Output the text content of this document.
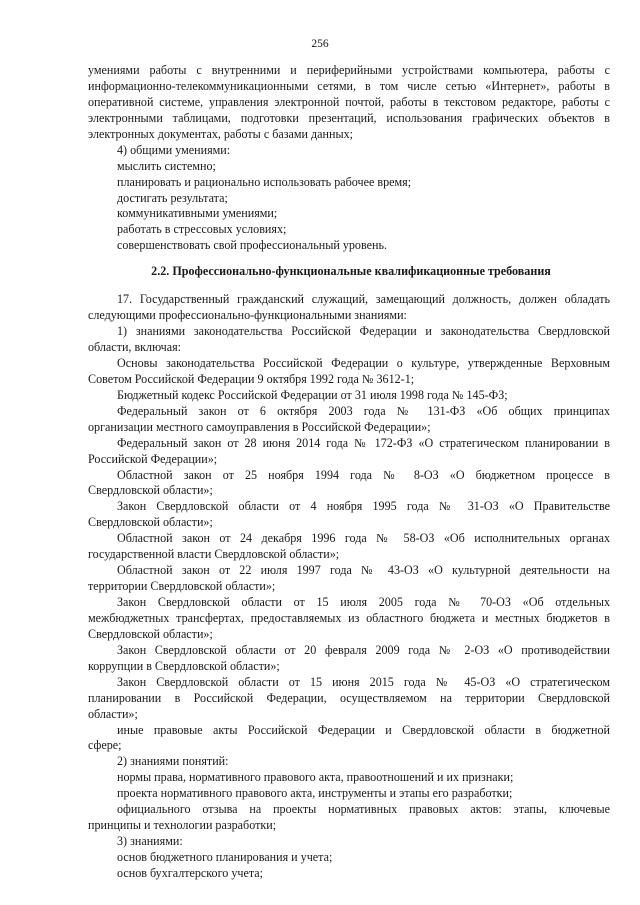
256
умениями работы с внутренними и периферийными устройствами компьютера, работы с
информационно-телекоммуникационными сетями, в том числе сетью «Интернет», работы в
оперативной системе, управления электронной почтой, работы в текстовом редакторе, работы с
электронными таблицами, подготовки презентаций, использования графических объектов в
электронных документах, работы с базами данных;
4) общими умениями:
мыслить системно;
планировать и рационально использовать рабочее время;
достигать результата;
коммуникативными умениями;
работать в стрессовых условиях;
совершенствовать свой профессиональный уровень.
2.2. Профессионально-функциональные квалификационные требования
17. Государственный гражданский служащий, замещающий должность, должен обладать
следующими профессионально-функциональными знаниями:
1) знаниями законодательства Российской Федерации и законодательства Свердловской
области, включая:
Основы законодательства Российской Федерации о культуре, утвержденные Верховным
Советом Российской Федерации 9 октября 1992 года № 3612-1;
Бюджетный кодекс Российской Федерации от 31 июля 1998 года № 145-ФЗ;
Федеральный закон от 6 октября 2003 года № 131-ФЗ «Об общих принципах
организации местного самоуправления в Российской Федерации»;
Федеральный закон от 28 июня 2014 года № 172-ФЗ «О стратегическом планировании в
Российской Федерации»;
Областной закон от 25 ноября 1994 года № 8-ОЗ «О бюджетном процессе в
Свердловской области»;
Закон Свердловской области от 4 ноября 1995 года № 31-ОЗ «О Правительстве
Свердловской области»;
Областной закон от 24 декабря 1996 года № 58-ОЗ «Об исполнительных органах
государственной власти Свердловской области»;
Областной закон от 22 июля 1997 года № 43-ОЗ «О культурной деятельности на
территории Свердловской области»;
Закон Свердловской области от 15 июля 2005 года № 70-ОЗ «Об отдельных
межбюджетных трансфертах, предоставляемых из областного бюджета и местных бюджетов в
Свердловской области»;
Закон Свердловской области от 20 февраля 2009 года № 2-ОЗ «О противодействии
коррупции в Свердловской области»;
Закон Свердловской области от 15 июня 2015 года № 45-ОЗ «О стратегическом
планировании в Российской Федерации, осуществляемом на территории Свердловской
области»;
иные правовые акты Российской Федерации и Свердловской области в бюджетной
сфере;
2) знаниями понятий:
нормы права, нормативного правового акта, правоотношений и их признаки;
проекта нормативного правового акта, инструменты и этапы его разработки;
официального отзыва на проекты нормативных правовых актов: этапы, ключевые
принципы и технологии разработки;
3) знаниями:
основ бюджетного планирования и учета;
основ бухгалтерского учета;
